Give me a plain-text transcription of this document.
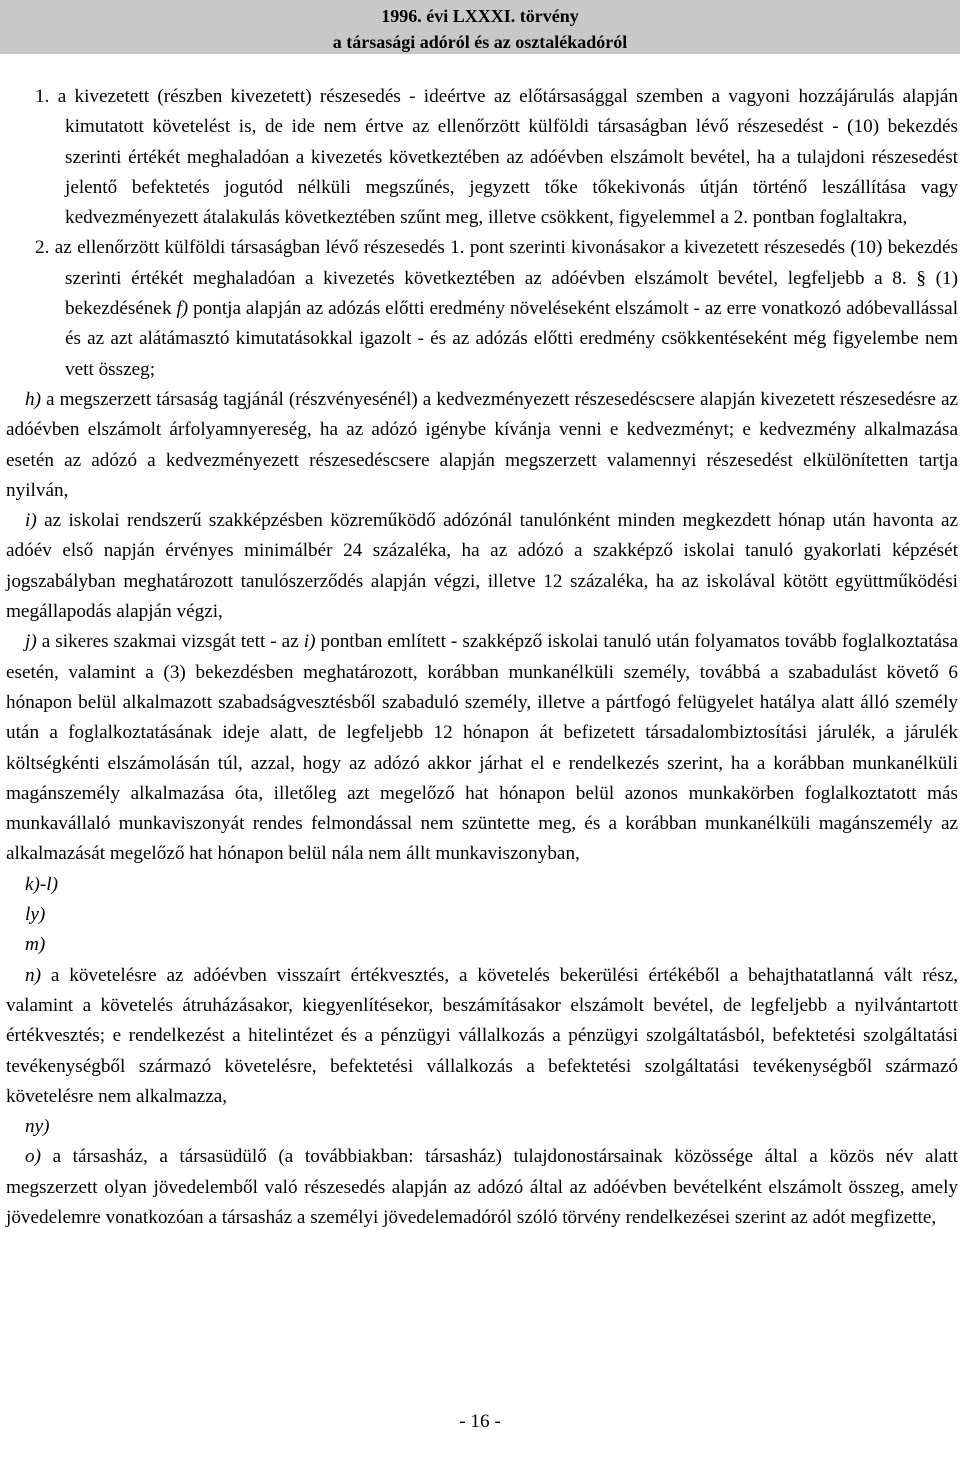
1996. évi LXXXI. törvény
a társasági adóról és az osztalékadóról

1. a kivezetett (részben kivezetett) részesedés - ideértve az előtársasággal szemben a vagyoni hozzájárulás alapján kimutatott követelést is, de ide nem értve az ellenőrzött külföldi társaságban lévő részesedést - (10) bekezdés szerinti értékét meghaladóan a kivezetés következtében az adóévben elszámolt bevétel, ha a tulajdoni részesedést jelentő befektetés jogutód nélküli megszűnés, jegyzett tőke tőkekivonás útján történő leszállítása vagy kedvezményezett átalakulás következtében szűnt meg, illetve csökkent, figyelemmel a 2. pontban foglaltakra,

2. az ellenőrzött külföldi társaságban lévő részesedés 1. pont szerinti kivonásakor a kivezetett részesedés (10) bekezdés szerinti értékét meghaladóan a kivezetés következtében az adóévben elszámolt bevétel, legfeljebb a 8. § (1) bekezdésének f) pontja alapján az adózás előtti eredmény növeléseként elszámolt - az erre vonatkozó adóbevallással és az azt alátámasztó kimutatásokkal igazolt - és az adózás előtti eredmény csökkentéseként még figyelembe nem vett összeg;

h) a megszerzett társaság tagjánál (részvényesénél) a kedvezményezett részesedéscsere alapján kivezetett részesedésre az adóévben elszámolt árfolyamnyereség, ha az adózó igénybe kívánja venni e kedvezményt; e kedvezmény alkalmazása esetén az adózó a kedvezményezett részesedéscsere alapján megszerzett valamennyi részesedést elkülönítetten tartja nyilván,

i) az iskolai rendszerű szakképzésben közreműködő adózónál tanulónként minden megkezdett hónap után havonta az adóév első napján érvényes minimálbér 24 százaléka, ha az adózó a szakképző iskolai tanuló gyakorlati képzését jogszabályban meghatározott tanulószerződés alapján végzi, illetve 12 százaléka, ha az iskolával kötött együttműködési megállapodás alapján végzi,

j) a sikeres szakmai vizsgát tett - az i) pontban említett - szakképző iskolai tanuló után folyamatos tovább foglalkoztatása esetén, valamint a (3) bekezdésben meghatározott, korábban munkanélküli személy, továbbá a szabadulást követő 6 hónapon belül alkalmazott szabadságvesztésből szabaduló személy, illetve a pártfogó felügyelet hatálya alatt álló személy után a foglalkoztatásának ideje alatt, de legfeljebb 12 hónapon át befizetett társadalombiztosítási járulék, a járulék költségkénti elszámolásán túl, azzal, hogy az adózó akkor járhat el e rendelkezés szerint, ha a korábban munkanélküli magánszemély alkalmazása óta, illetőleg azt megelőző hat hónapon belül azonos munkakörben foglalkoztatott más munkavállaló munkaviszonyát rendes felmondással nem szüntette meg, és a korábban munkanélküli magánszemély az alkalmazását megelőző hat hónapon belül nála nem állt munkaviszonyban,

k)-l)

ly)

m)

n) a követelésre az adóévben visszaírt értékvesztés, a követelés bekerülési értékéből a behajthatatlanná vált rész, valamint a követelés átruházásakor, kiegyenlítésekor, beszámításakor elszámolt bevétel, de legfeljebb a nyilvántartott értékvesztés; e rendelkezést a hitelintézet és a pénzügyi vállalkozás a pénzügyi szolgáltatásból, befektetési szolgáltatási tevékenységből származó követelésre, befektetési vállalkozás a befektetési szolgáltatási tevékenységből származó követelésre nem alkalmazza,

ny)

o) a társasház, a társasüdülő (a továbbiakban: társasház) tulajdonostársainak közössége által a közös név alatt megszerzett olyan jövedelemből való részesedés alapján az adózó által az adóévben bevételként elszámolt összeg, amely jövedelemre vonatkozóan a társasház a személyi jövedelemadóról szóló törvény rendelkezései szerint az adót megfizette,

- 16 -
